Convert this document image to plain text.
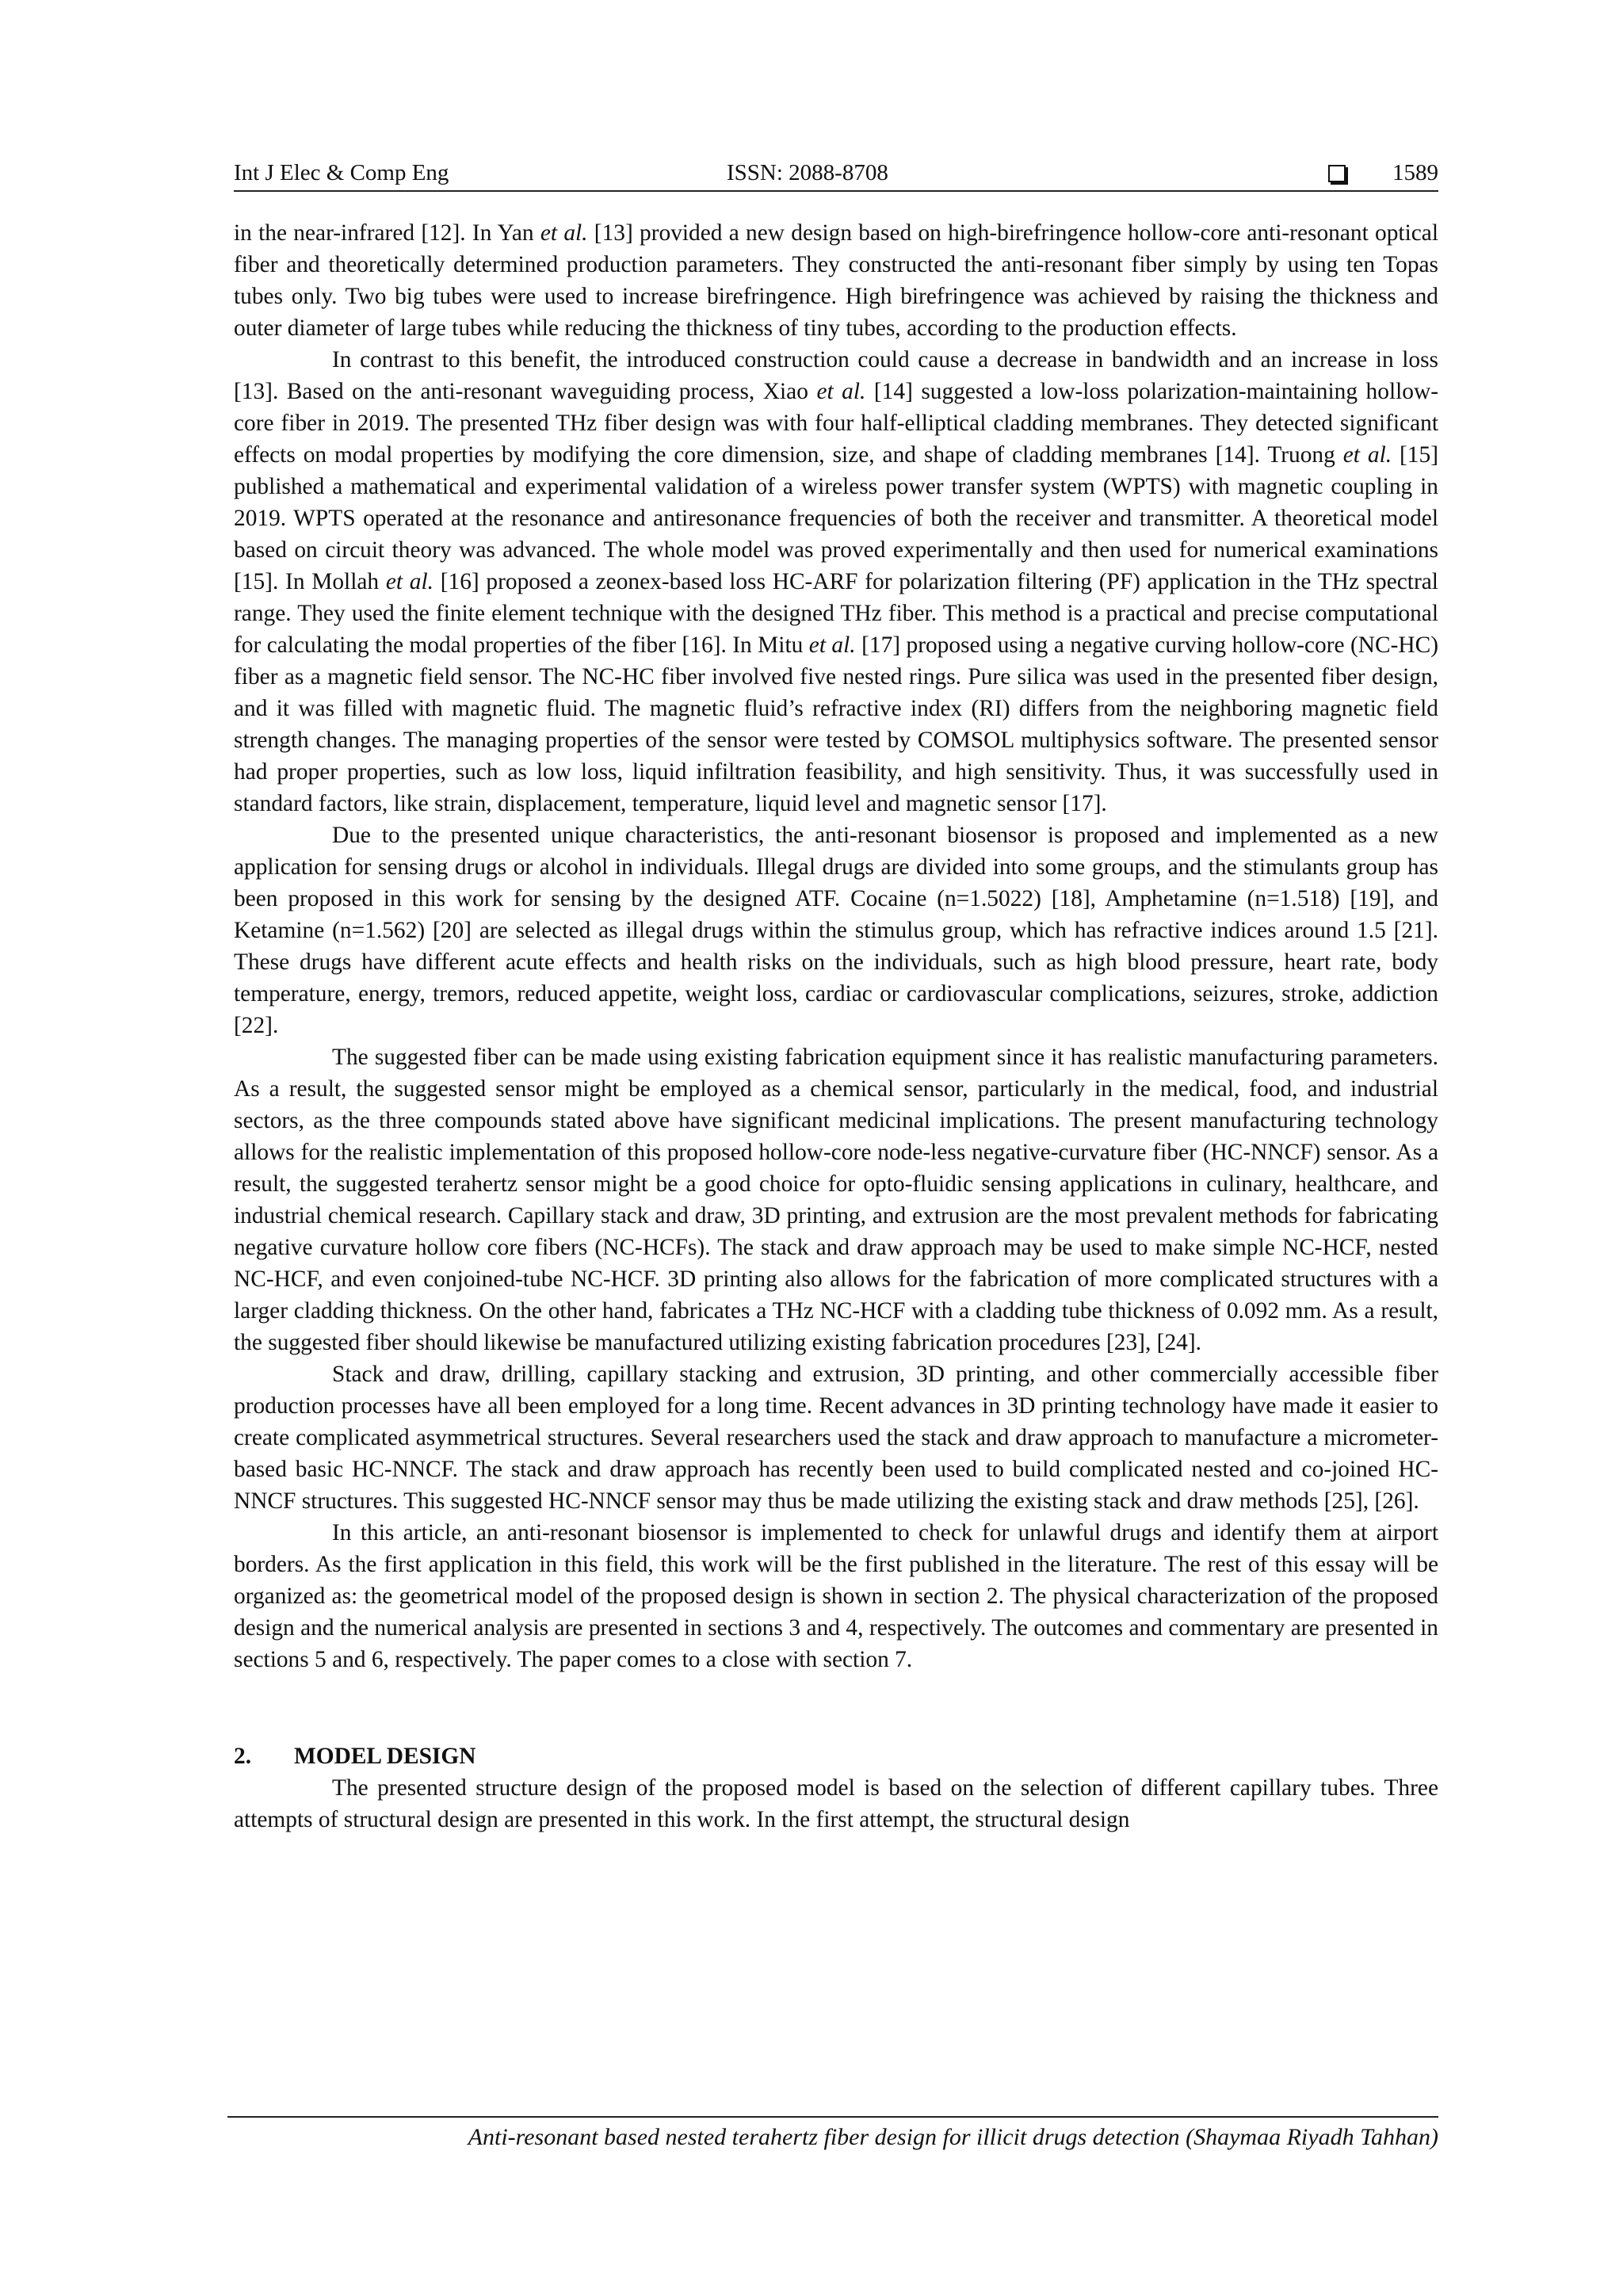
Int J Elec & Comp Eng	ISSN: 2088-8708	1589

in the near-infrared [12]. In Yan et al. [13] provided a new design based on high-birefringence hollow-core anti-resonant optical fiber and theoretically determined production parameters. They constructed the anti-resonant fiber simply by using ten Topas tubes only. Two big tubes were used to increase birefringence. High birefringence was achieved by raising the thickness and outer diameter of large tubes while reducing the thickness of tiny tubes, according to the production effects.

In contrast to this benefit, the introduced construction could cause a decrease in bandwidth and an increase in loss [13]. Based on the anti-resonant waveguiding process, Xiao et al. [14] suggested a low-loss polarization-maintaining hollow-core fiber in 2019. The presented THz fiber design was with four half-elliptical cladding membranes. They detected significant effects on modal properties by modifying the core dimension, size, and shape of cladding membranes [14]. Truong et al. [15] published a mathematical and experimental validation of a wireless power transfer system (WPTS) with magnetic coupling in 2019. WPTS operated at the resonance and antiresonance frequencies of both the receiver and transmitter. A theoretical model based on circuit theory was advanced. The whole model was proved experimentally and then used for numerical examinations [15]. In Mollah et al. [16] proposed a zeonex-based loss HC-ARF for polarization filtering (PF) application in the THz spectral range. They used the finite element technique with the designed THz fiber. This method is a practical and precise computational for calculating the modal properties of the fiber [16]. In Mitu et al. [17] proposed using a negative curving hollow-core (NC-HC) fiber as a magnetic field sensor. The NC-HC fiber involved five nested rings. Pure silica was used in the presented fiber design, and it was filled with magnetic fluid. The magnetic fluid’s refractive index (RI) differs from the neighboring magnetic field strength changes. The managing properties of the sensor were tested by COMSOL multiphysics software. The presented sensor had proper properties, such as low loss, liquid infiltration feasibility, and high sensitivity. Thus, it was successfully used in standard factors, like strain, displacement, temperature, liquid level and magnetic sensor [17].

Due to the presented unique characteristics, the anti-resonant biosensor is proposed and implemented as a new application for sensing drugs or alcohol in individuals. Illegal drugs are divided into some groups, and the stimulants group has been proposed in this work for sensing by the designed ATF. Cocaine (n=1.5022) [18], Amphetamine (n=1.518) [19], and Ketamine (n=1.562) [20] are selected as illegal drugs within the stimulus group, which has refractive indices around 1.5 [21]. These drugs have different acute effects and health risks on the individuals, such as high blood pressure, heart rate, body temperature, energy, tremors, reduced appetite, weight loss, cardiac or cardiovascular complications, seizures, stroke, addiction [22].

The suggested fiber can be made using existing fabrication equipment since it has realistic manufacturing parameters. As a result, the suggested sensor might be employed as a chemical sensor, particularly in the medical, food, and industrial sectors, as the three compounds stated above have significant medicinal implications. The present manufacturing technology allows for the realistic implementation of this proposed hollow-core node-less negative-curvature fiber (HC-NNCF) sensor. As a result, the suggested terahertz sensor might be a good choice for opto-fluidic sensing applications in culinary, healthcare, and industrial chemical research. Capillary stack and draw, 3D printing, and extrusion are the most prevalent methods for fabricating negative curvature hollow core fibers (NC-HCFs). The stack and draw approach may be used to make simple NC-HCF, nested NC-HCF, and even conjoined-tube NC-HCF. 3D printing also allows for the fabrication of more complicated structures with a larger cladding thickness. On the other hand, fabricates a THz NC-HCF with a cladding tube thickness of 0.092 mm. As a result, the suggested fiber should likewise be manufactured utilizing existing fabrication procedures [23], [24].

Stack and draw, drilling, capillary stacking and extrusion, 3D printing, and other commercially accessible fiber production processes have all been employed for a long time. Recent advances in 3D printing technology have made it easier to create complicated asymmetrical structures. Several researchers used the stack and draw approach to manufacture a micrometer-based basic HC-NNCF. The stack and draw approach has recently been used to build complicated nested and co-joined HC-NNCF structures. This suggested HC-NNCF sensor may thus be made utilizing the existing stack and draw methods [25], [26].

In this article, an anti-resonant biosensor is implemented to check for unlawful drugs and identify them at airport borders. As the first application in this field, this work will be the first published in the literature. The rest of this essay will be organized as: the geometrical model of the proposed design is shown in section 2. The physical characterization of the proposed design and the numerical analysis are presented in sections 3 and 4, respectively. The outcomes and commentary are presented in sections 5 and 6, respectively. The paper comes to a close with section 7.

2.	MODEL DESIGN

The presented structure design of the proposed model is based on the selection of different capillary tubes. Three attempts of structural design are presented in this work. In the first attempt, the structural design

Anti-resonant based nested terahertz fiber design for illicit drugs detection (Shaymaa Riyadh Tahhan)
